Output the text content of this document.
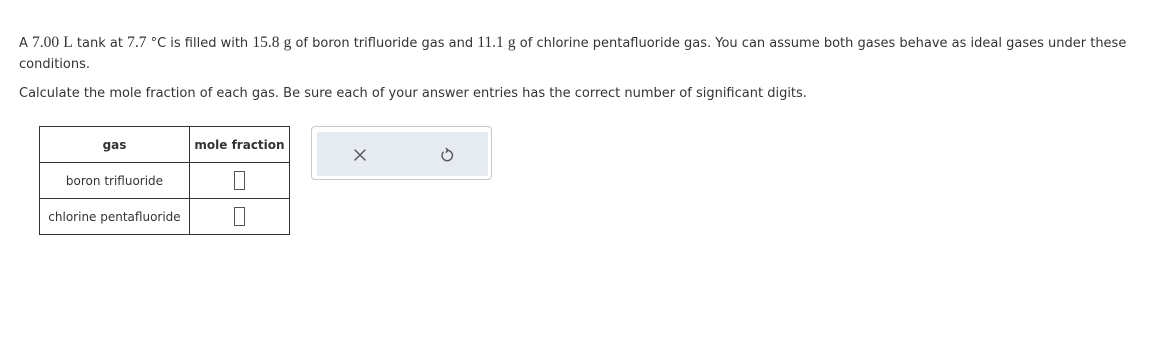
A 7.00 L tank at 7.7 °C is filled with 15.8 g of boron trifluoride gas and 11.1 g of chlorine pentafluoride gas. You can assume both gases behave as ideal gases under these conditions.

Calculate the mole fraction of each gas. Be sure each of your answer entries has the correct number of significant digits.

gas	mole fraction
boron trifluoride	
chlorine pentafluoride	
